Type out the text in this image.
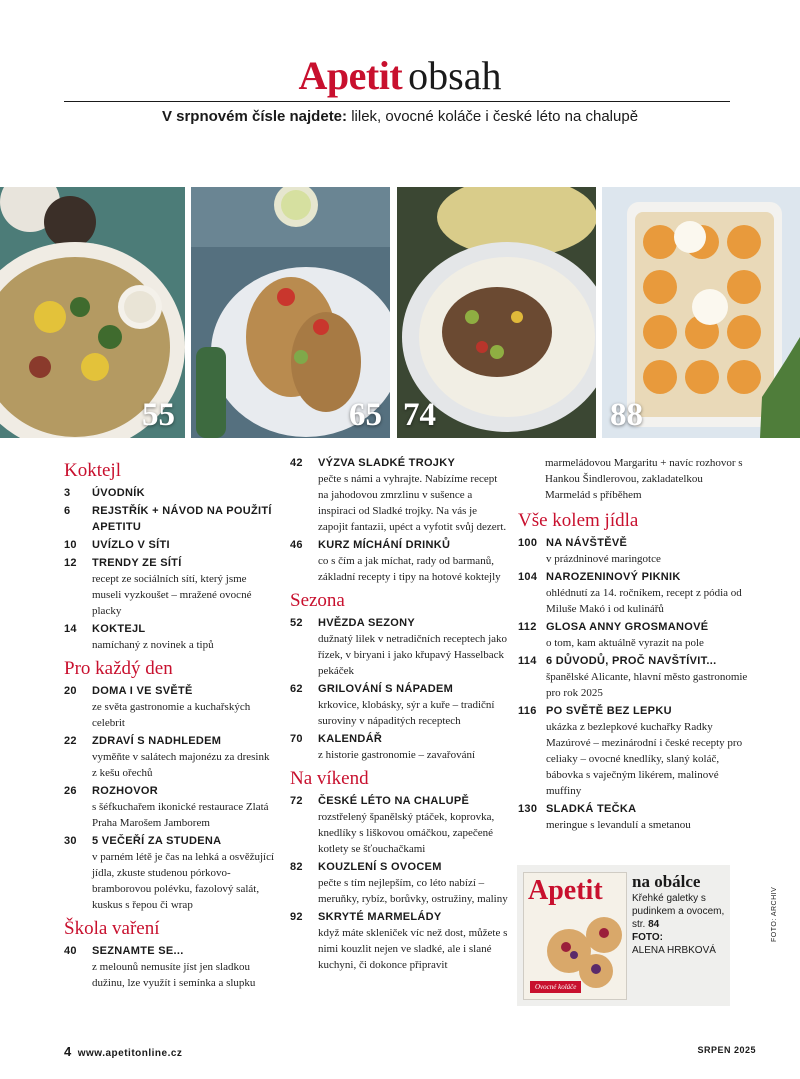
Apetit obsah
V srpnovém čísle najdete: lilek, ovocné koláče i české léto na chalupě
55	65 74	88
Koktejl
3	ÚVODNÍK
6	REJSTŘÍK + NÁVOD NA POUŽITÍ APETITU
10	UVÍZLO V SÍTI
12	TRENDY ZE SÍTÍ
recept ze sociálních sítí, který jsme museli vyzkoušet – mražené ovocné placky
14	KOKTEJL
namíchaný z novinek a tipů
Pro každý den
20	DOMA I VE SVĚTĚ
ze světa gastronomie a kuchařských celebrit
22	ZDRAVÍ S NADHLEDEM
vyměňte v salátech majonézu za dresink z kešu ořechů
26	ROZHOVOR
s šéfkuchařem ikonické restaurace Zlatá Praha Marošem Jamborem
30	5 VEČEŘÍ ZA STUDENA
v parném létě je čas na lehká a osvěžující jídla, zkuste studenou pórkovo-bramborovou polévku, fazolový salát, kuskus s řepou či wrap
Škola vaření
40	SEZNAMTE SE...
z melounů nemusíte jíst jen sladkou dužinu, lze využít i semínka a slupku
42	VÝZVA SLADKÉ TROJKY
pečte s námi a vyhrajte. Nabízíme recept na jahodovou zmrzlinu v sušence a inspiraci od Sladké trojky. Na vás je zapojit fantazii, upéct a vyfotit svůj dezert.
46	KURZ MÍCHÁNÍ DRINKŮ
co s čím a jak míchat, rady od barmanů, základní recepty i tipy na hotové koktejly
Sezona
52	HVĚZDA SEZONY
dužnatý lilek v netradičních receptech jako řízek, v biryani i jako křupavý Hasselback pekáček
62	GRILOVÁNÍ S NÁPADEM
krkovice, klobásky, sýr a kuře – tradiční suroviny v nápaditých receptech
70	KALENDÁŘ
z historie gastronomie – zavařování
Na víkend
72	ČESKÉ LÉTO NA CHALUPĚ
rozstřelený španělský ptáček, koprovka, knedlíky s liškovou omáčkou, zapečené kotlety se šťouchačkami
82	KOUZLENÍ S OVOCEM
pečte s tím nejlepším, co léto nabízí – meruňky, rybíz, borůvky, ostružiny, maliny
92	SKRYTÉ MARMELÁDY
když máte skleniček víc než dost, můžete s nimi kouzlit nejen ve sladké, ale i slané kuchyni, či dokonce připravit
marmeládovou Margaritu + navíc rozhovor s Hankou Šindlerovou, zakladatelkou Marmelád s příběhem
Vše kolem jídla
100 NA NÁVŠTĚVĚ
v prázdninové maringotce
104 NAROZENINOVÝ PIKNIK
ohlédnutí za 14. ročníkem, recept z pódia od Miluše Makó i od kulinářů
112 GLOSA ANNY GROSMANOVÉ
o tom, kam aktuálně vyrazit na pole
114 6 DŮVODŮ, PROČ NAVŠTÍVIT...
španělské Alicante, hlavní město gastronomie pro rok 2025
116 PO SVĚTĚ BEZ LEPKU
ukázka z bezlepkové kuchařky Radky Mazúrové – mezinárodní i české recepty pro celiaky – ovocné knedlíky, slaný koláč, bábovka s vaječným likérem, malinové muffiny
130 SLADKÁ TEČKA
meringue s levandulí a smetanou
Apetit
Ovocné koláče
na obálce
Křehké galetky s pudinkem a ovocem, str. 84
FOTO:
ALENA HRBKOVÁ
FOTO: ARCHIV
4 www.apetitonline.cz	SRPEN 2025
